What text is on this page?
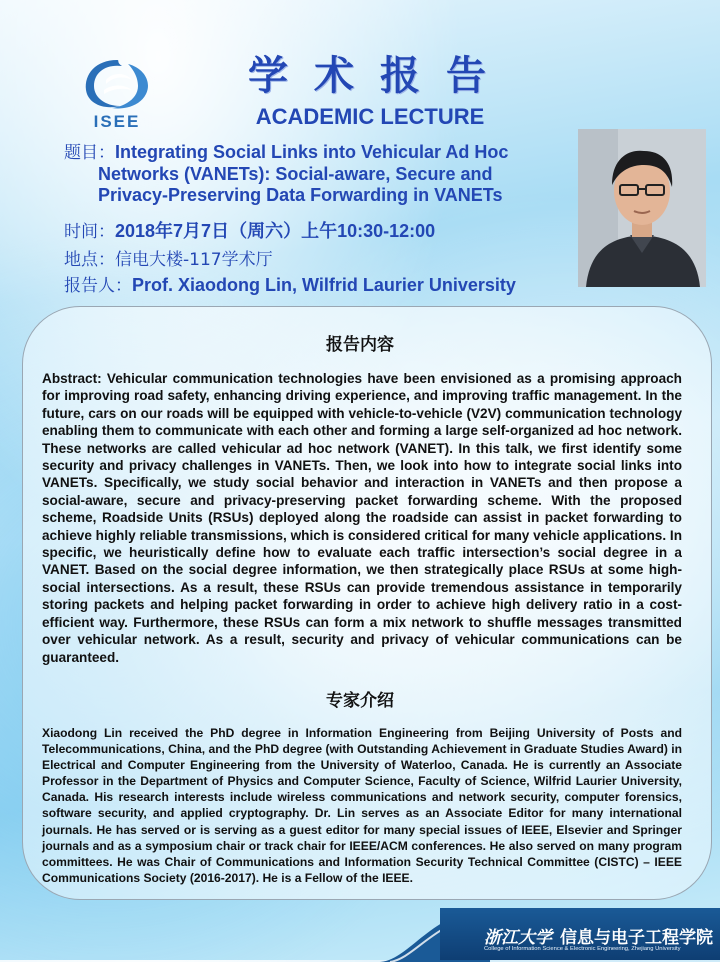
ISEE
学术报告
ACADEMIC LECTURE
题目：Integrating Social Links into Vehicular Ad Hoc
Networks (VANETs): Social-aware, Secure and
Privacy-Preserving Data Forwarding in VANETs
时间：2018年7月7日（周六）上午10:30-12:00
地点：信电大楼-117学术厅
报告人：Prof. Xiaodong Lin, Wilfrid Laurier University
报告内容
Abstract: Vehicular communication technologies have been envisioned as a promising approach for improving road safety, enhancing driving experience, and improving traffic management. In the future, cars on our roads will be equipped with vehicle-to-vehicle (V2V) communication technology enabling them to communicate with each other and forming a large self-organized ad hoc network. These networks are called vehicular ad hoc network (VANET). In this talk, we first identify some security and privacy challenges in VANETs. Then, we look into how to integrate social links into VANETs. Specifically, we study social behavior and interaction in VANETs and then propose a social-aware, secure and privacy-preserving packet forwarding scheme. With the proposed scheme, Roadside Units (RSUs) deployed along the roadside can assist in packet forwarding to achieve highly reliable transmissions, which is considered critical for many vehicle applications. In specific, we heuristically define how to evaluate each traffic intersection’s social degree in a VANET. Based on the social degree information, we then strategically place RSUs at some high-social intersections. As a result, these RSUs can provide tremendous assistance in temporarily storing packets and helping packet forwarding in order to achieve high delivery ratio in a cost-efficient way. Furthermore, these RSUs can form a mix network to shuffle messages transmitted over vehicular network. As a result, security and privacy of vehicular communications can be guaranteed.
专家介绍
Xiaodong Lin received the PhD degree in Information Engineering from Beijing University of Posts and Telecommunications, China, and the PhD degree (with Outstanding Achievement in Graduate Studies Award) in Electrical and Computer Engineering from the University of Waterloo, Canada. He is currently an Associate Professor in the Department of Physics and Computer Science, Faculty of Science, Wilfrid Laurier University, Canada. His research interests include wireless communications and network security, computer forensics, software security, and applied cryptography. Dr. Lin serves as an Associate Editor for many international journals. He has served or is serving as a guest editor for many special issues of IEEE, Elsevier and Springer journals and as a symposium chair or track chair for IEEE/ACM conferences. He also served on many program committees. He was Chair of Communications and Information Security Technical Committee (CISTC) – IEEE Communications Society (2016-2017). He is a Fellow of the IEEE.
浙江大学 信息与电子工程学院
College of Information Science & Electronic Engineering, Zhejiang University
